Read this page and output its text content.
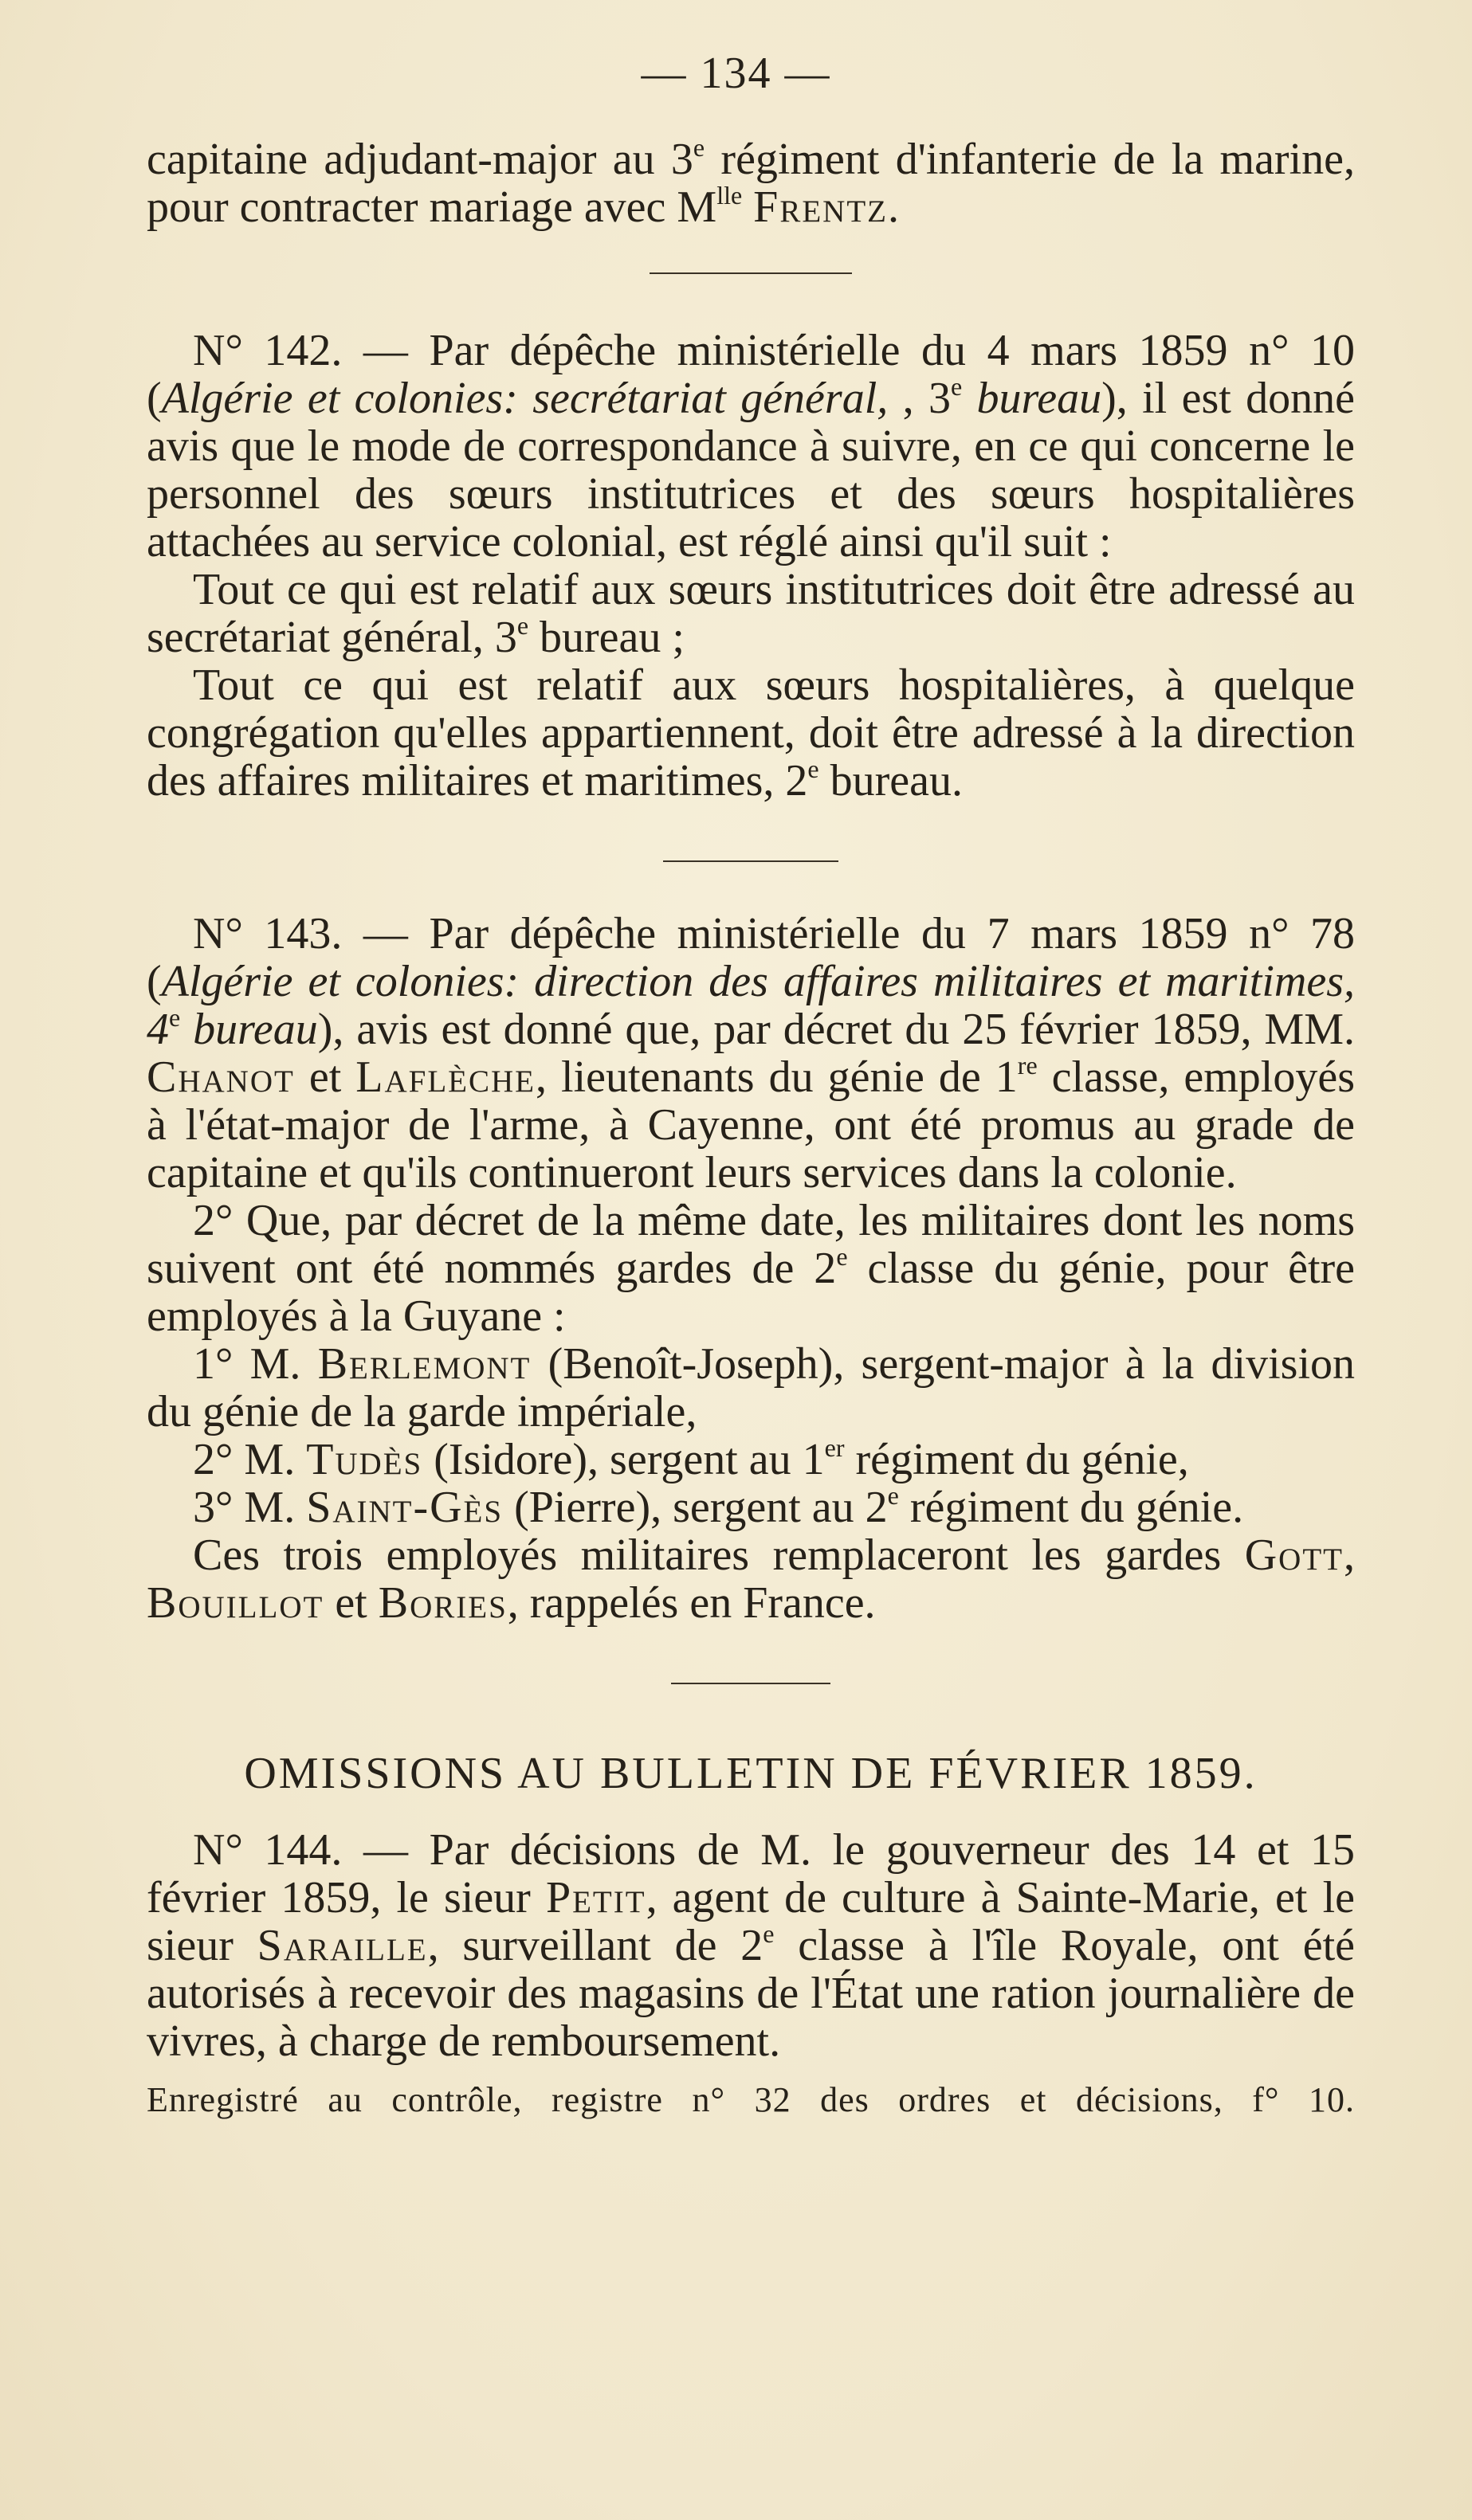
— 134 —

capitaine adjudant-major au 3e régiment d'infanterie de la marine, pour contracter mariage avec $M^{lle}$ Frentz.

N° 142. — Par dépêche ministérielle du 4 mars 1859 n° 10 (Algérie et colonies: secrétariat général, , 3e bureau), il est donné avis que le mode de correspondance à suivre, en ce qui concerne le personnel des sœurs institutrices et des sœurs hospitalières attachées au service colonial, est réglé ainsi qu'il suit :

Tout ce qui est relatif aux sœurs institutrices doit être adressé au secrétariat général, 3e bureau ;

Tout ce qui est relatif aux sœurs hospitalières, à quelque congrégation qu'elles appartiennent, doit être adressé à la direction des affaires militaires et maritimes, 2e bureau.

N° 143. — Par dépêche ministérielle du 7 mars 1859 n° 78 (Algérie et colonies: direction des affaires militaires et maritimes, 4e bureau), avis est donné que, par décret du 25 février 1859, MM. Chanot et Laflèche, lieutenants du génie de 1re classe, employés à l'état-major de l'arme, à Cayenne, ont été promus au grade de capitaine et qu'ils continueront leurs services dans la colonie.

2° Que, par décret de la même date, les militaires dont les noms suivent ont été nommés gardes de 2e classe du génie, pour être employés à la Guyane :

1° M. Berlemont (Benoît-Joseph), sergent-major à la division du génie de la garde impériale,

2° M. Tudès (Isidore), sergent au 1er régiment du génie,

3° M. Saint-Gès (Pierre), sergent au 2e régiment du génie.

Ces trois employés militaires remplaceront les gardes Gott, Bouillot et Bories, rappelés en France.

OMISSIONS AU BULLETIN DE FÉVRIER 1859.

N° 144. — Par décisions de M. le gouverneur des 14 et 15 février 1859, le sieur Petit, agent de culture à Sainte-Marie, et le sieur Saraille, surveillant de 2e classe à l'île Royale, ont été autorisés à recevoir des magasins de l'État une ration journalière de vivres, à charge de remboursement.

Enregistré au contrôle, registre n° 32 des ordres et décisions, f° 10.
